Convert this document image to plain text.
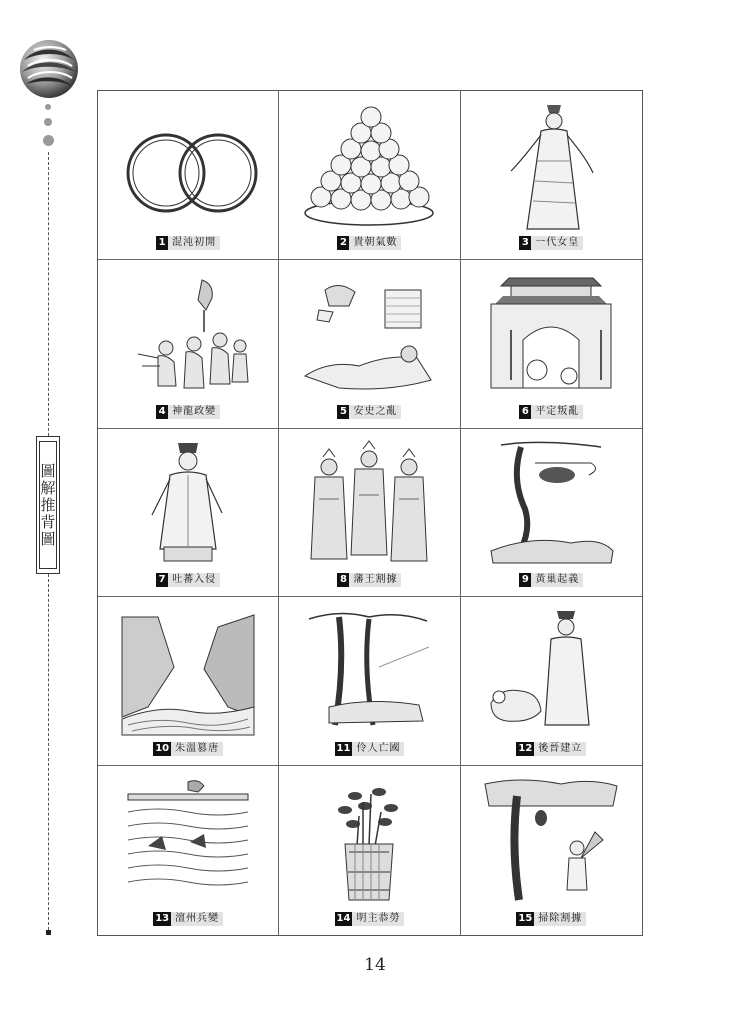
圖解推背圖
1 混沌初開	2 貴朝氣數	3 一代女皇
4 神龍政變	5 安史之亂	6 平定叛亂
7 吐蕃入侵	8 藩王割據	9 黃巢起義
10 朱溫篡唐	11 伶人亡國	12 後晉建立
13 澶州兵變	14 明主恭勞	15 掃除割據
14
